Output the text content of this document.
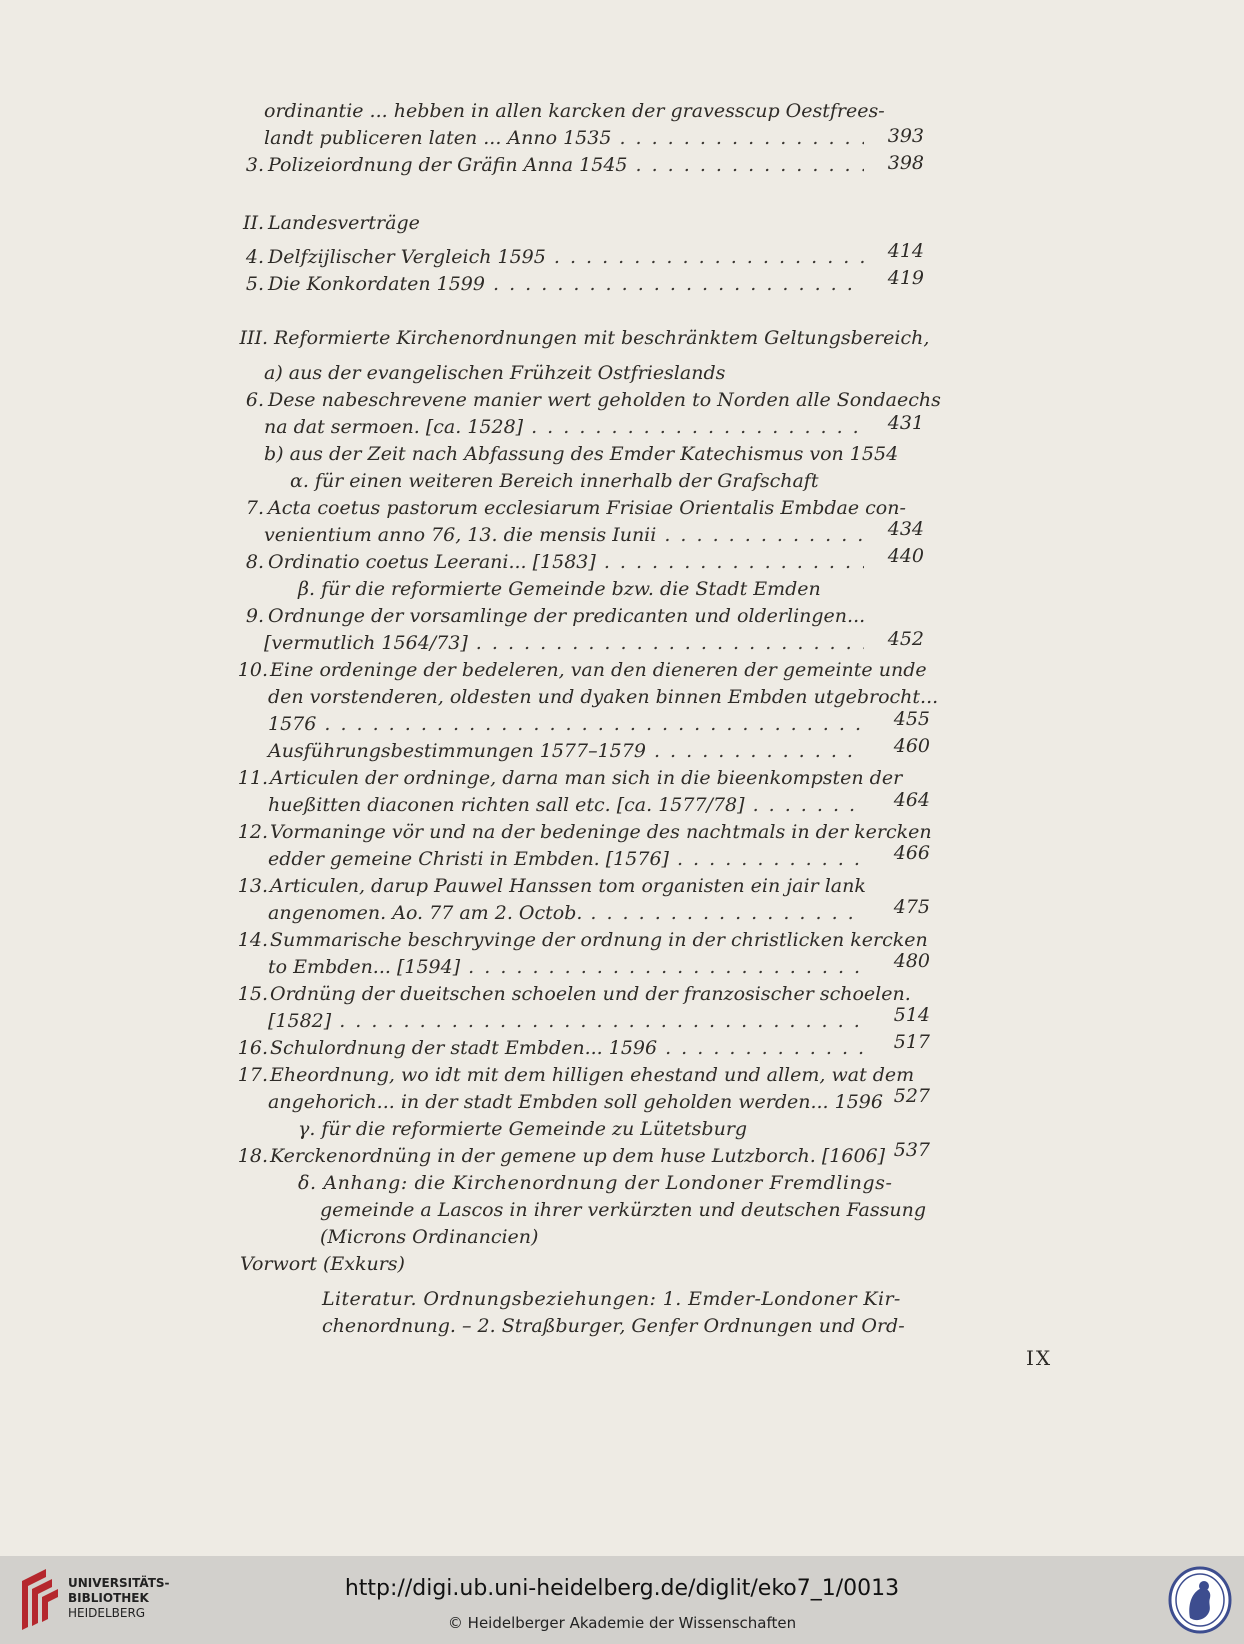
ordinantie ... hebben in allen karcken der gravesscup Oestfrees-
landt publiceren laten ... Anno 1535 . . .	393
3. Polizeiordnung der Gräfin Anna 1545 . . .	398
II. Landesverträge
4. Delfzijlischer Vergleich 1595 . . .	414
5. Die Konkordaten 1599 . . .	419
III. Reformierte Kirchenordnungen mit beschränktem Geltungsbereich,
a) aus der evangelischen Frühzeit Ostfrieslands
6. Dese nabeschrevene manier wert geholden to Norden alle Sondaechs
na dat sermoen. [ca. 1528] . . .	431
b) aus der Zeit nach Abfassung des Emder Katechismus von 1554
α. für einen weiteren Bereich innerhalb der Grafschaft
7. Acta coetus pastorum ecclesiarum Frisiae Orientalis Embdae con-
venientium anno 76, 13. die mensis Iunii . . .	434
8. Ordinatio coetus Leerani... [1583] . . .	440
β. für die reformierte Gemeinde bzw. die Stadt Emden
9. Ordnunge der vorsamlinge der predicanten und olderlingen...
[vermutlich 1564/73] . . .	452
10. Eine ordeninge der bedeleren, van den dieneren der gemeinte unde
den vorstenderen, oldesten und dyaken binnen Embden utgebrocht...
1576 . . .	455
Ausführungsbestimmungen 1577–1579 . . .	460
11. Articulen der ordninge, darna man sich in die bieenkompsten der
hueßitten diaconen richten sall etc. [ca. 1577/78] . . .	464
12. Vormaninge vör und na der bedeninge des nachtmals in der kercken
edder gemeine Christi in Embden. [1576] . . .	466
13. Articulen, darup Pauwel Hanssen tom organisten ein jair lank
angenomen. Ao. 77 am 2. Octob. . . .	475
14. Summarische beschryvinge der ordnung in der christlicken kercken
to Embden... [1594] . . .	480
15. Ordnüng der dueitschen schoelen und der franzosischer schoelen.
[1582] . . .	514
16. Schulordnung der stadt Embden... 1596 . . .	517
17. Eheordnung, wo idt mit dem hilligen ehestand und allem, wat dem
angehorich... in der stadt Embden soll geholden werden... 1596 527
γ. für die reformierte Gemeinde zu Lütetsburg
18. Kerckenordnüng in der gemene up dem huse Lutzborch. [1606] 537
δ. Anhang: die Kirchenordnung der Londoner Fremdlings-
gemeinde a Lascos in ihrer verkürzten und deutschen Fassung
(Microns Ordinancien)
Vorwort (Exkurs)
Literatur. Ordnungsbeziehungen: 1. Emder-Londoner Kir-
chenordnung. – 2. Straßburger, Genfer Ordnungen und Ord-
IX
UNIVERSITÄTS-
BIBLIOTHEK
HEIDELBERG
http://digi.ub.uni-heidelberg.de/diglit/eko7_1/0013
© Heidelberger Akademie der Wissenschaften
